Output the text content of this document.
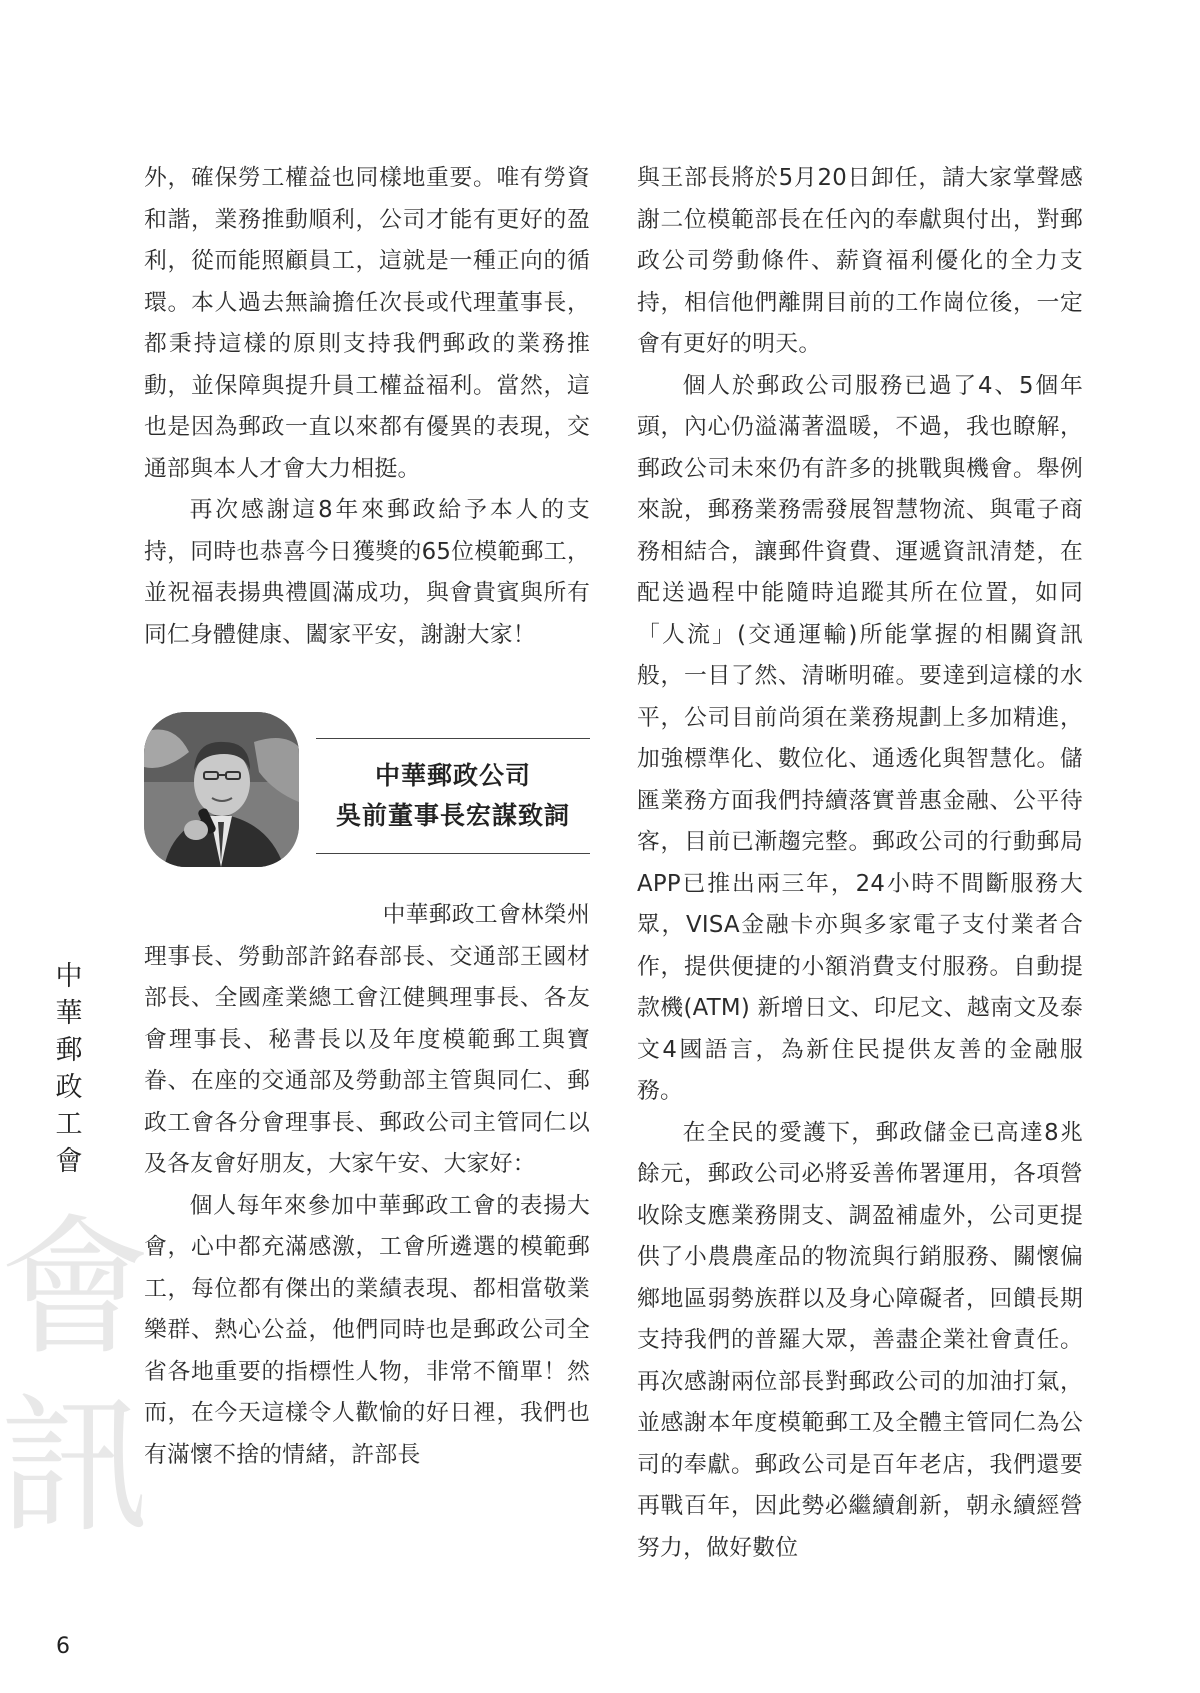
外，確保勞工權益也同樣地重要。唯有勞資和諧，業務推動順利，公司才能有更好的盈利，從而能照顧員工，這就是一種正向的循環。本人過去無論擔任次長或代理董事長，都秉持這樣的原則支持我們郵政的業務推動，並保障與提升員工權益福利。當然，這也是因為郵政一直以來都有優異的表現，交通部與本人才會大力相挺。

再次感謝這8年來郵政給予本人的支持，同時也恭喜今日獲獎的65位模範郵工，並祝福表揚典禮圓滿成功，與會貴賓與所有同仁身體健康、闔家平安，謝謝大家！

中華郵政公司
吳前董事長宏謀致詞

中華郵政工會林榮州

理事長、勞動部許銘春部長、交通部王國材部長、全國產業總工會江健興理事長、各友會理事長、秘書長以及年度模範郵工與寶眷、在座的交通部及勞動部主管與同仁、郵政工會各分會理事長、郵政公司主管同仁以及各友會好朋友，大家午安、大家好：

個人每年來參加中華郵政工會的表揚大會，心中都充滿感激，工會所遴選的模範郵工，每位都有傑出的業績表現、都相當敬業樂群、熱心公益，他們同時也是郵政公司全省各地重要的指標性人物，非常不簡單！然而，在今天這樣令人歡愉的好日裡，我們也有滿懷不捨的情緒，許部長

與王部長將於5月20日卸任，請大家掌聲感謝二位模範部長在任內的奉獻與付出，對郵政公司勞動條件、薪資福利優化的全力支持，相信他們離開目前的工作崗位後，一定會有更好的明天。

個人於郵政公司服務已過了4、5個年頭，內心仍溢滿著溫暖，不過，我也瞭解，郵政公司未來仍有許多的挑戰與機會。舉例來說，郵務業務需發展智慧物流、與電子商務相結合，讓郵件資費、運遞資訊清楚，在配送過程中能隨時追蹤其所在位置，如同「人流」(交通運輸)所能掌握的相關資訊般，一目了然、清晰明確。要達到這樣的水平，公司目前尚須在業務規劃上多加精進，加強標準化、數位化、通透化與智慧化。儲匯業務方面我們持續落實普惠金融、公平待客，目前已漸趨完整。郵政公司的行動郵局APP已推出兩三年，24小時不間斷服務大眾，VISA金融卡亦與多家電子支付業者合作，提供便捷的小額消費支付服務。自動提款機(ATM) 新增日文、印尼文、越南文及泰文4國語言，為新住民提供友善的金融服務。

在全民的愛護下，郵政儲金已高達8兆餘元，郵政公司必將妥善佈署運用，各項營收除支應業務開支、調盈補虛外，公司更提供了小農農產品的物流與行銷服務、關懷偏鄉地區弱勢族群以及身心障礙者，回饋長期支持我們的普羅大眾，善盡企業社會責任。再次感謝兩位部長對郵政公司的加油打氣，並感謝本年度模範郵工及全體主管同仁為公司的奉獻。郵政公司是百年老店，我們還要再戰百年，因此勢必繼續創新，朝永續經營努力，做好數位

會
訊
中
華
郵
政
工
會
6
